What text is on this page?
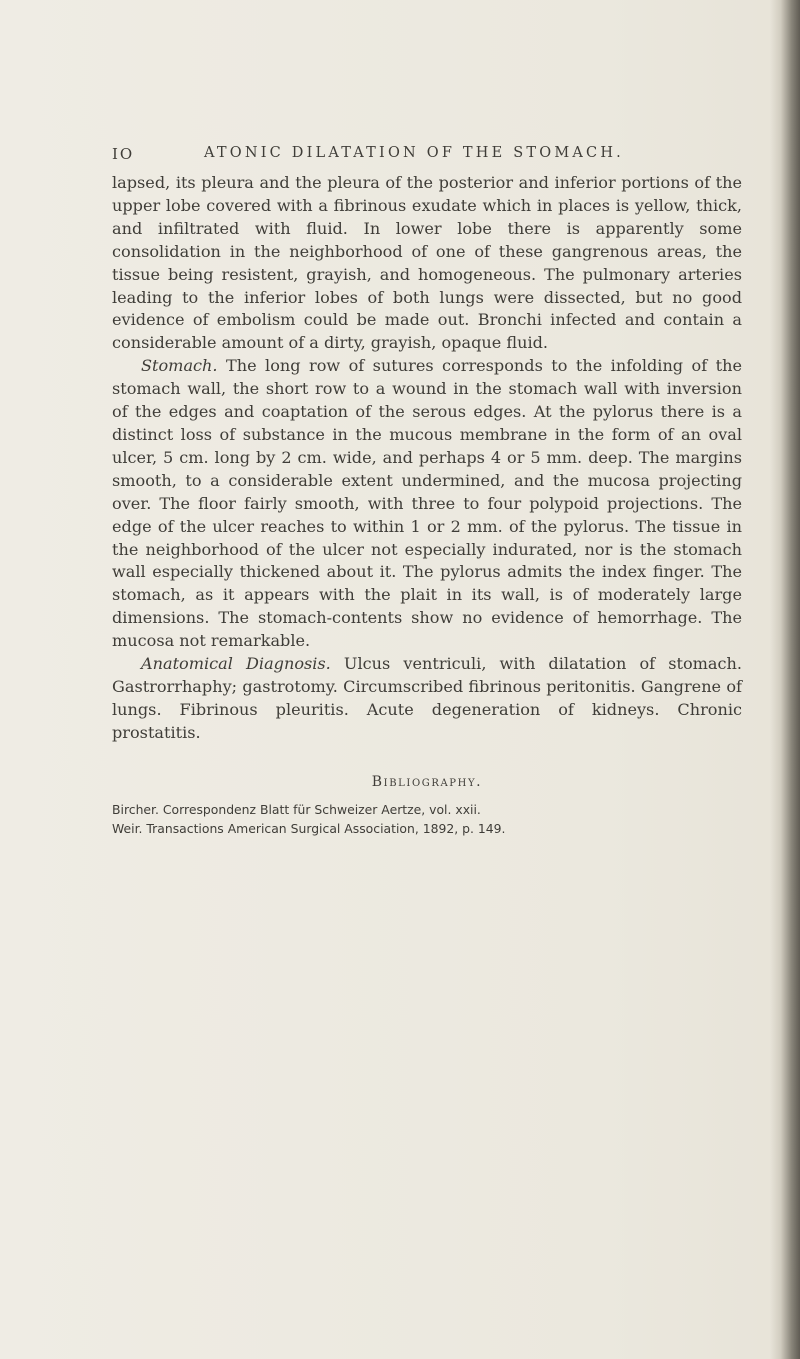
IO	ATONIC DILATATION OF THE STOMACH.

lapsed, its pleura and the pleura of the posterior and inferior portions of the upper lobe covered with a fibrinous exudate which in places is yellow, thick, and infiltrated with fluid. In lower lobe there is apparently some consolidation in the neighborhood of one of these gangrenous areas, the tissue being resistent, grayish, and homogeneous. The pulmonary arteries leading to the inferior lobes of both lungs were dissected, but no good evidence of embolism could be made out. Bronchi infected and contain a considerable amount of a dirty, grayish, opaque fluid.

Stomach. The long row of sutures corresponds to the infolding of the stomach wall, the short row to a wound in the stomach wall with inversion of the edges and coaptation of the serous edges. At the pylorus there is a distinct loss of substance in the mucous membrane in the form of an oval ulcer, 5 cm. long by 2 cm. wide, and perhaps 4 or 5 mm. deep. The margins smooth, to a considerable extent undermined, and the mucosa projecting over. The floor fairly smooth, with three to four polypoid projections. The edge of the ulcer reaches to within 1 or 2 mm. of the pylorus. The tissue in the neighborhood of the ulcer not especially indurated, nor is the stomach wall especially thickened about it. The pylorus admits the index finger. The stomach, as it appears with the plait in its wall, is of moderately large dimensions. The stomach-contents show no evidence of hemorrhage. The mucosa not remarkable.

Anatomical Diagnosis. Ulcus ventriculi, with dilatation of stomach. Gastrorrhaphy; gastrotomy. Circumscribed fibrinous peritonitis. Gangrene of lungs. Fibrinous pleuritis. Acute degeneration of kidneys. Chronic prostatitis.

Bibliography.

Bircher. Correspondenz Blatt für Schweizer Aertze, vol. xxii.

Weir. Transactions American Surgical Association, 1892, p. 149.
